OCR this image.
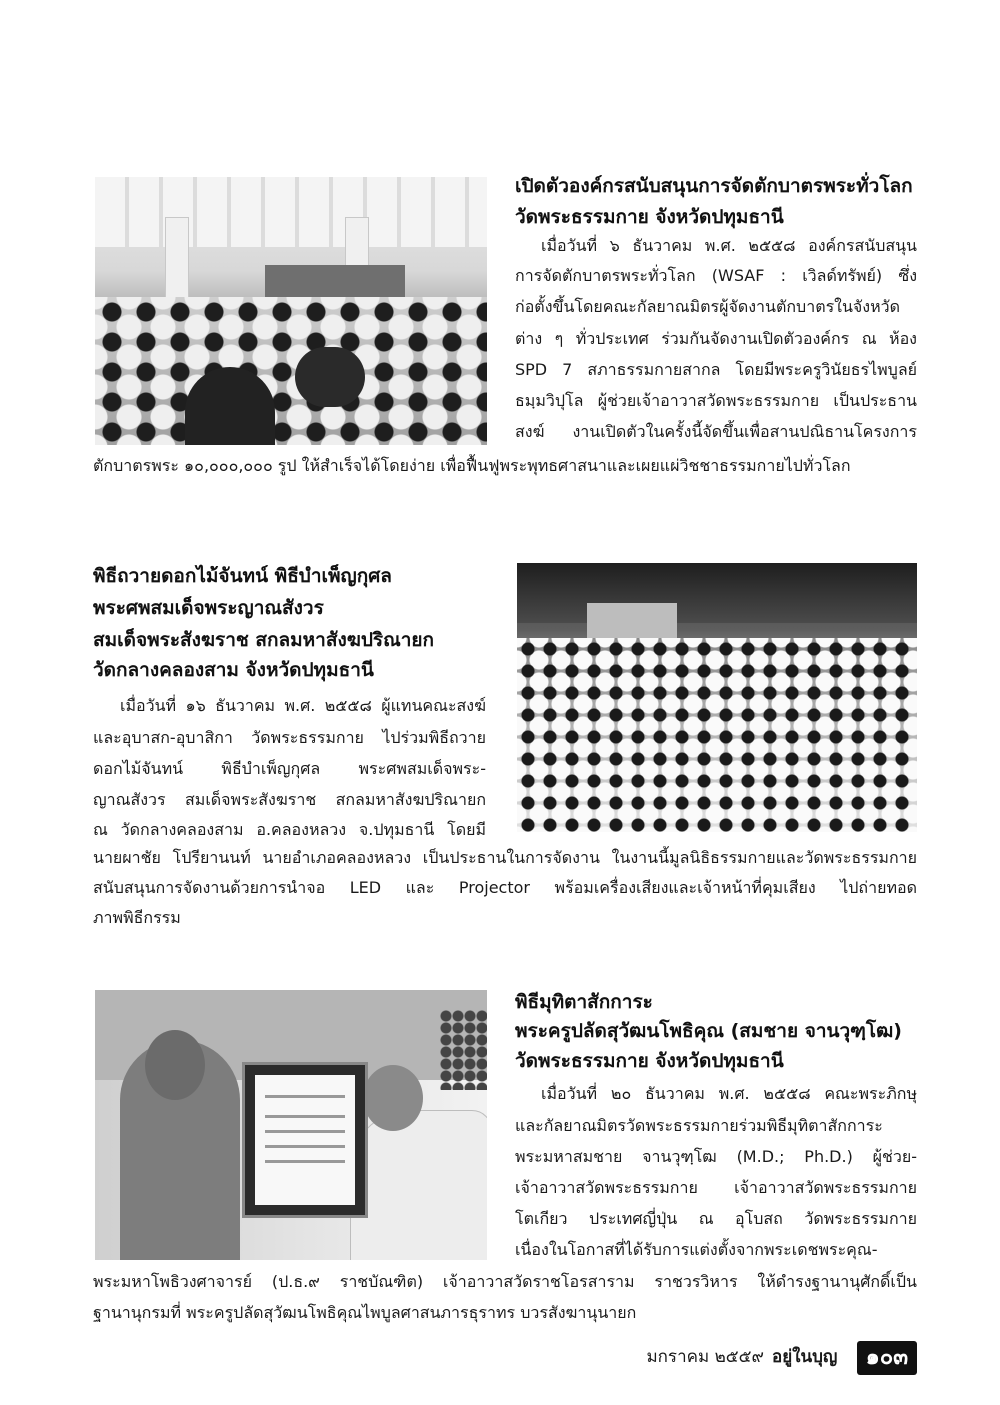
เปิดตัวองค์กรสนับสนุนการจัดตักบาตรพระทั่วโลก
วัดพระธรรมกาย จังหวัดปทุมธานี
เมื่อวันที่ ๖ ธันวาคม พ.ศ. ๒๕๕๘ องค์กรสนับสนุน
การจัดตักบาตรพระทั่วโลก (WSAF : เวิลด์ทรัพย์) ซึ่ง
ก่อตั้งขึ้นโดยคณะกัลยาณมิตรผู้จัดงานตักบาตรในจังหวัด
ต่าง ๆ ทั่วประเทศ ร่วมกันจัดงานเปิดตัวองค์กร ณ ห้อง
SPD 7 สภาธรรมกายสากล โดยมีพระครูวินัยธรไพบูลย์
ธมฺมวิปุโล ผู้ช่วยเจ้าอาวาสวัดพระธรรมกาย เป็นประธาน
สงฆ์ งานเปิดตัวในครั้งนี้จัดขึ้นเพื่อสานปณิธานโครงการ
ตักบาตรพระ ๑๐,๐๐๐,๐๐๐ รูป ให้สำเร็จได้โดยง่าย เพื่อฟื้นฟูพระพุทธศาสนาและเผยแผ่วิชชาธรรมกายไปทั่วโลก
พิธีถวายดอกไม้จันทน์ พิธีบำเพ็ญกุศล
พระศพสมเด็จพระญาณสังวร
สมเด็จพระสังฆราช สกลมหาสังฆปริณายก
วัดกลางคลองสาม จังหวัดปทุมธานี
เมื่อวันที่ ๑๖ ธันวาคม พ.ศ. ๒๕๕๘ ผู้แทนคณะสงฆ์
และอุบาสก-อุบาสิกา วัดพระธรรมกาย ไปร่วมพิธีถวาย
ดอกไม้จันทน์ พิธีบำเพ็ญกุศล พระศพสมเด็จพระ-
ญาณสังวร สมเด็จพระสังฆราช สกลมหาสังฆปริณายก
ณ วัดกลางคลองสาม อ.คลองหลวง จ.ปทุมธานี โดยมี
นายผาชัย โปรียานนท์ นายอำเภอคลองหลวง เป็นประธานในการจัดงาน ในงานนี้มูลนิธิธรรมกายและวัดพระธรรมกาย
สนับสนุนการจัดงานด้วยการนำจอ LED และ Projector พร้อมเครื่องเสียงและเจ้าหน้าที่คุมเสียง ไปถ่ายทอด
ภาพพิธีกรรม
พิธีมุทิตาสักการะ
พระครูปลัดสุวัฒนโพธิคุณ (สมชาย จานวุฑฺโฒ)
วัดพระธรรมกาย จังหวัดปทุมธานี
เมื่อวันที่ ๒๐ ธันวาคม พ.ศ. ๒๕๕๘ คณะพระภิกษุ
และกัลยาณมิตรวัดพระธรรมกายร่วมพิธีมุทิตาสักการะ
พระมหาสมชาย จานวุฑฺโฒ (M.D.; Ph.D.) ผู้ช่วย-
เจ้าอาวาสวัดพระธรรมกาย เจ้าอาวาสวัดพระธรรมกาย
โตเกียว ประเทศญี่ปุ่น ณ อุโบสถ วัดพระธรรมกาย
เนื่องในโอกาสที่ได้รับการแต่งตั้งจากพระเดชพระคุณ-
พระมหาโพธิวงศาจารย์ (ป.ธ.๙ ราชบัณฑิต) เจ้าอาวาสวัดราชโอรสาราม ราชวรวิหาร ให้ดำรงฐานานุศักดิ์เป็น
ฐานานุกรมที่ พระครูปลัดสุวัฒนโพธิคุณไพบูลศาสนภารธุราทร บวรสังฆานุนายก
มกราคม ๒๕๕๙ อยู่ในบุญ	๑๐๓
